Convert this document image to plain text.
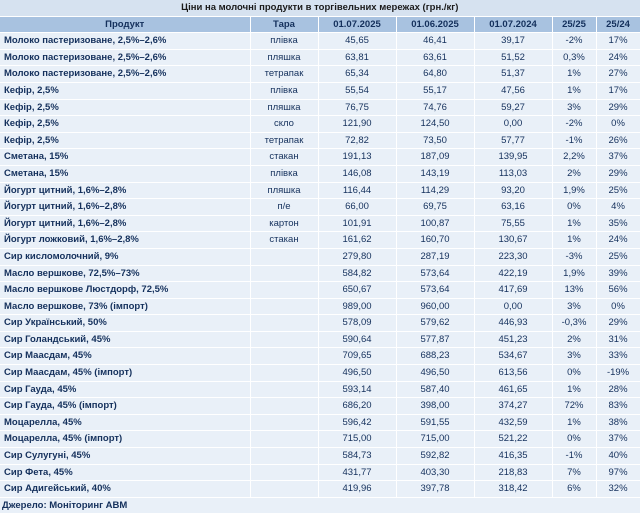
Ціни на молочні продукти в торгівельних мережах (грн./кг)						
Продукт	Тара	01.07.2025	01.06.2025	01.07.2024	25/25	25/24
Молоко пастеризоване, 2,5%–2,6%	плівка	45,65	46,41	39,17	-2%	17%
Молоко пастеризоване, 2,5%–2,6%	пляшка	63,81	63,61	51,52	0,3%	24%
Молоко пастеризоване, 2,5%–2,6%	тетрапак	65,34	64,80	51,37	1%	27%
Кефір, 2,5%	плівка	55,54	55,17	47,56	1%	17%
Кефір, 2,5%	пляшка	76,75	74,76	59,27	3%	29%
Кефір, 2,5%	скло	121,90	124,50	0,00	-2%	0%
Кефір, 2,5%	тетрапак	72,82	73,50	57,77	-1%	26%
Сметана, 15%	стакан	191,13	187,09	139,95	2,2%	37%
Сметана, 15%	плівка	146,08	143,19	113,03	2%	29%
Йогурт цитний, 1,6%–2,8%	пляшка	116,44	114,29	93,20	1,9%	25%
Йогурт цитний, 1,6%–2,8%	п/е	66,00	69,75	63,16	0%	4%
Йогурт цитний, 1,6%–2,8%	картон	101,91	100,87	75,55	1%	35%
Йогурт ложковий, 1,6%–2,8%	стакан	161,62	160,70	130,67	1%	24%
Сир кисломолочний, 9%		279,80	287,19	223,30	-3%	25%
Масло вершкове, 72,5%–73%		584,82	573,64	422,19	1,9%	39%
Масло вершкове Люстдорф, 72,5%		650,67	573,64	417,69	13%	56%
Масло вершкове, 73% (імпорт)		989,00	960,00	0,00	3%	0%
Сир Український, 50%		578,09	579,62	446,93	-0,3%	29%
Сир Голандський, 45%		590,64	577,87	451,23	2%	31%
Сир Маасдам, 45%		709,65	688,23	534,67	3%	33%
Сир Маасдам, 45% (імпорт)		496,50	496,50	613,56	0%	-19%
Сир Гауда, 45%		593,14	587,40	461,65	1%	28%
Сир Гауда, 45% (імпорт)		686,20	398,00	374,27	72%	83%
Моцарелла, 45%		596,42	591,55	432,59	1%	38%
Моцарелла, 45% (імпорт)		715,00	715,00	521,22	0%	37%
Сир Сулугуні, 45%		584,73	592,82	416,35	-1%	40%
Сир Фета, 45%		431,77	403,30	218,83	7%	97%
Сир Адигейський, 40%		419,96	397,78	318,42	6%	32%
Джерело: Моніторинг АВМ						
